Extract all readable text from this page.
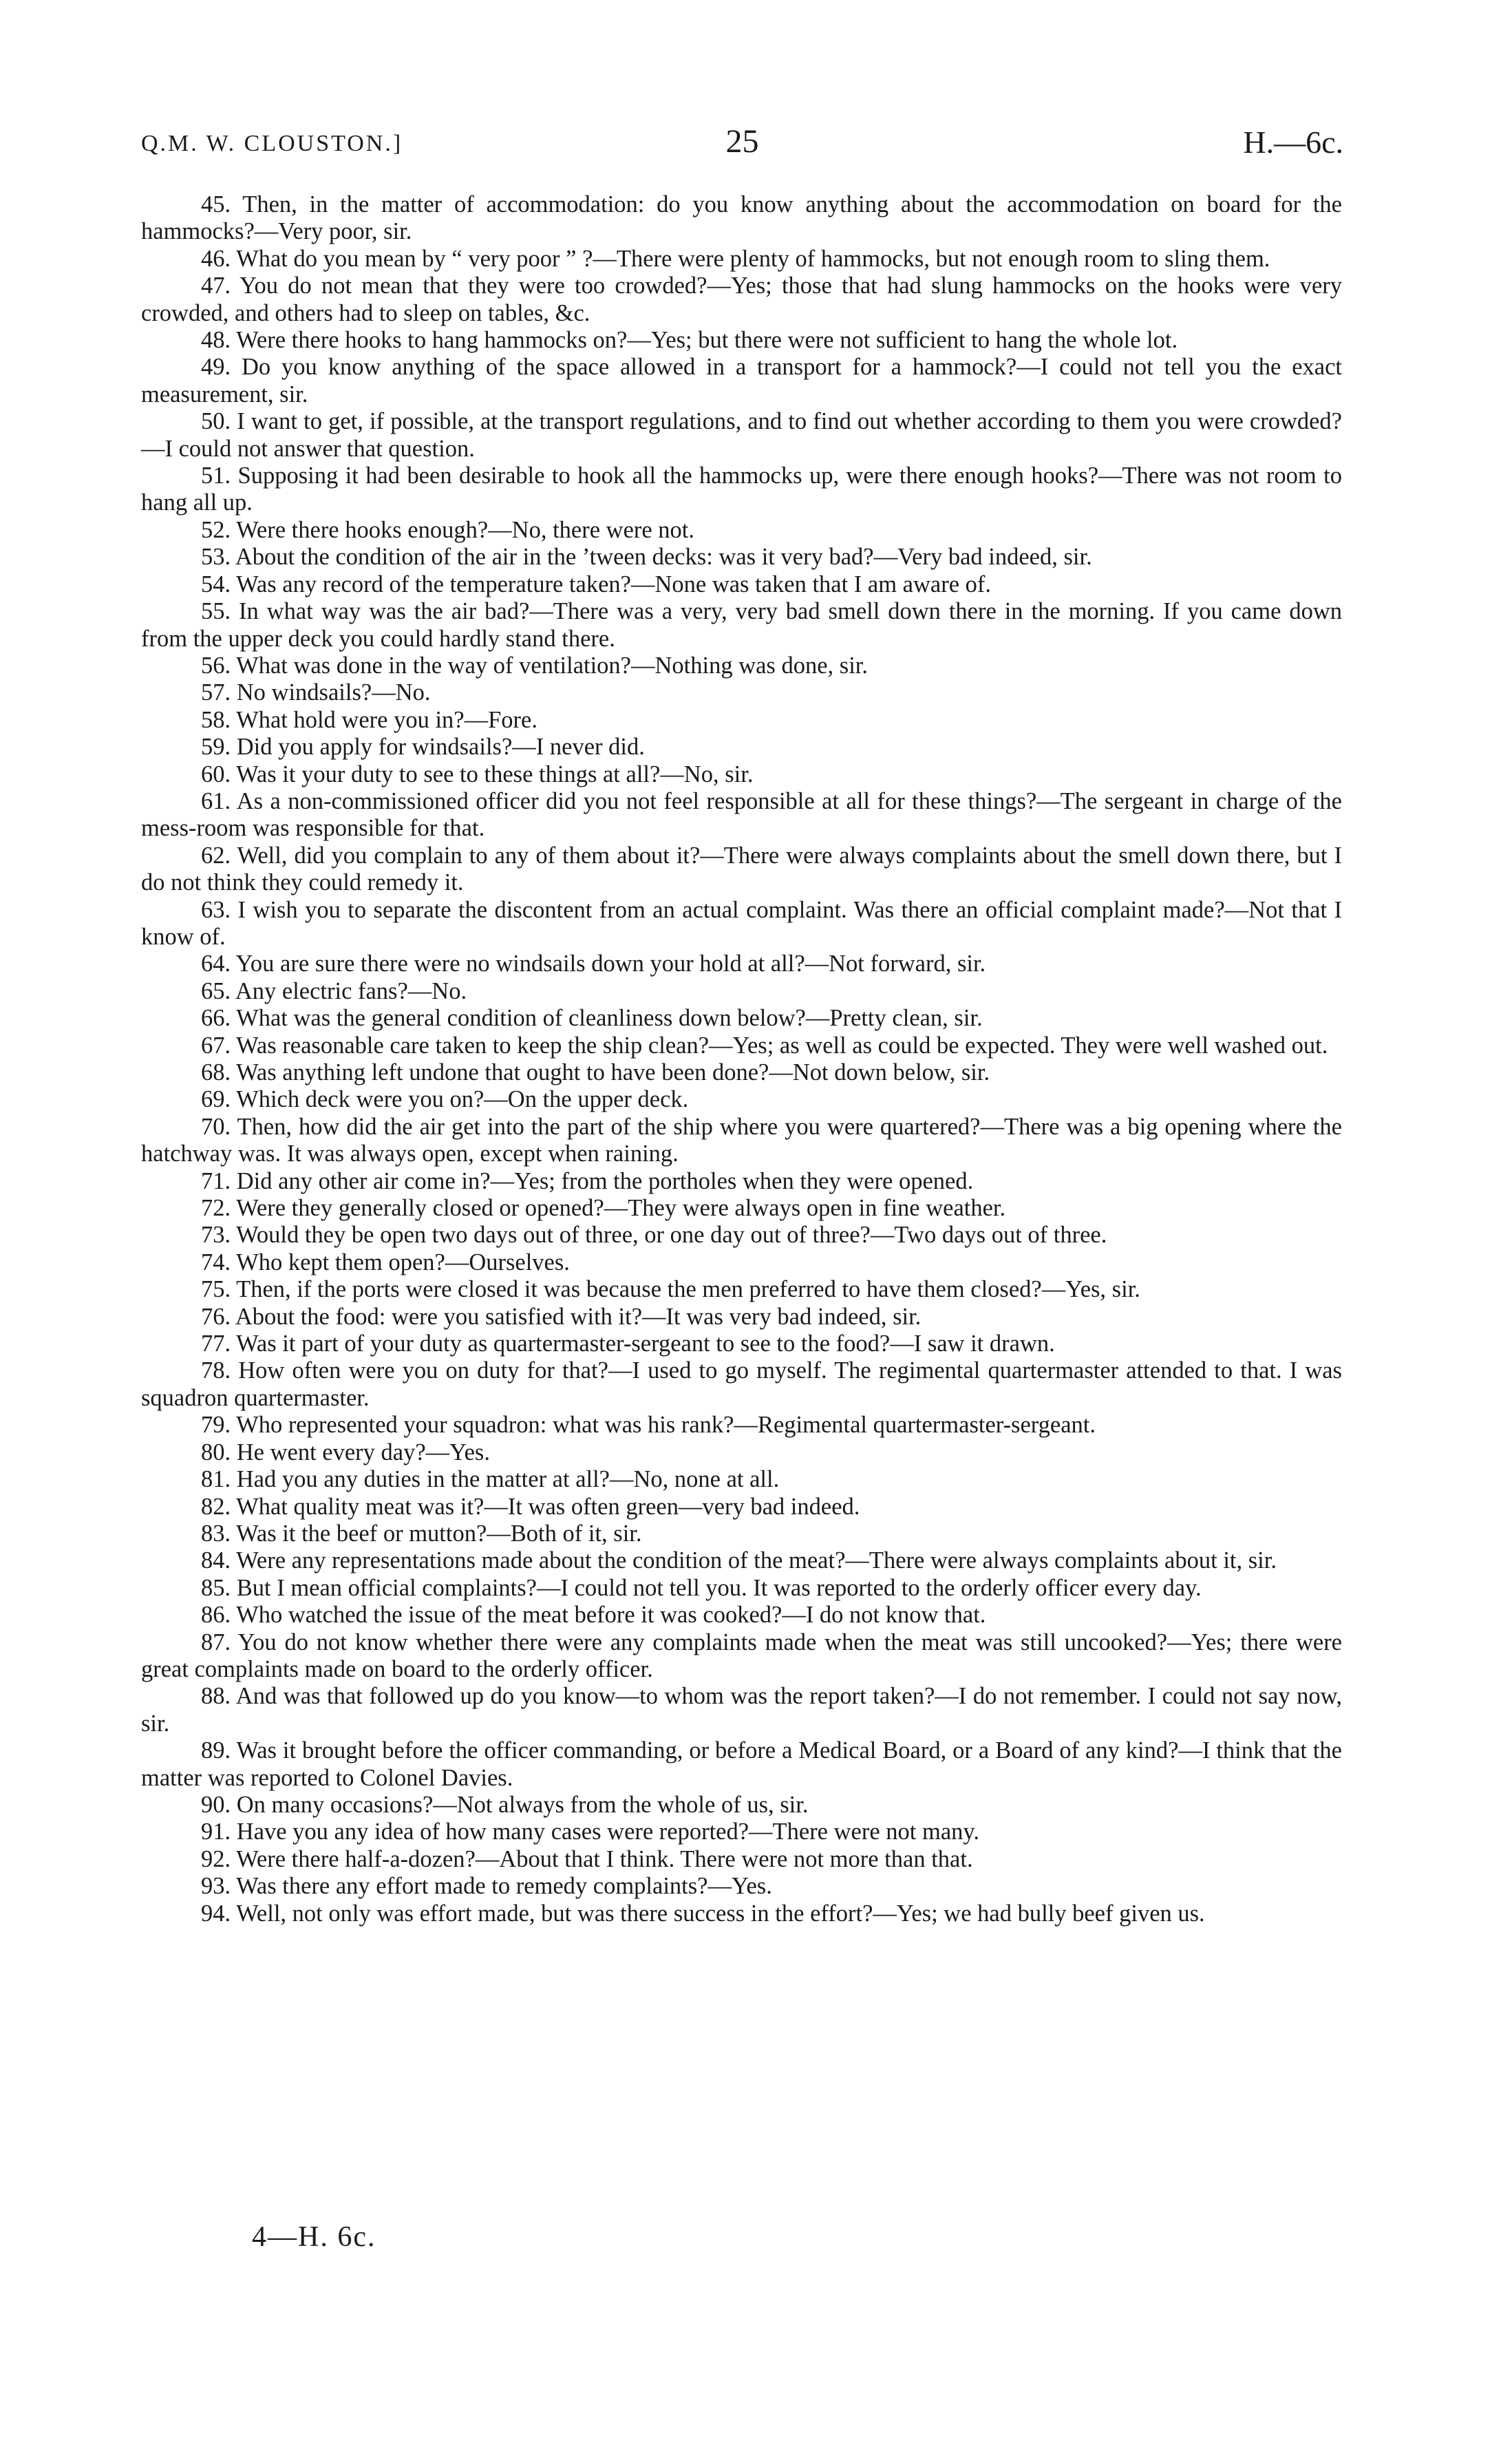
Q.M. W. CLOUSTON.]	25	H.—6c.

45. Then, in the matter of accommodation: do you know anything about the accommodation on board for the hammocks?—Very poor, sir.

46. What do you mean by “ very poor ” ?—There were plenty of hammocks, but not enough room to sling them.

47. You do not mean that they were too crowded?—Yes; those that had slung hammocks on the hooks were very crowded, and others had to sleep on tables, &c.

48. Were there hooks to hang hammocks on?—Yes; but there were not sufficient to hang the whole lot.

49. Do you know anything of the space allowed in a transport for a hammock?—I could not tell you the exact measurement, sir.

50. I want to get, if possible, at the transport regulations, and to find out whether according to them you were crowded?—I could not answer that question.

51. Supposing it had been desirable to hook all the hammocks up, were there enough hooks?—There was not room to hang all up.

52. Were there hooks enough?—No, there were not.

53. About the condition of the air in the ’tween decks: was it very bad?—Very bad indeed, sir.

54. Was any record of the temperature taken?—None was taken that I am aware of.

55. In what way was the air bad?—There was a very, very bad smell down there in the morning. If you came down from the upper deck you could hardly stand there.

56. What was done in the way of ventilation?—Nothing was done, sir.

57. No windsails?—No.

58. What hold were you in?—Fore.

59. Did you apply for windsails?—I never did.

60. Was it your duty to see to these things at all?—No, sir.

61. As a non-commissioned officer did you not feel responsible at all for these things?—The sergeant in charge of the mess-room was responsible for that.

62. Well, did you complain to any of them about it?—There were always complaints about the smell down there, but I do not think they could remedy it.

63. I wish you to separate the discontent from an actual complaint. Was there an official complaint made?—Not that I know of.

64. You are sure there were no windsails down your hold at all?—Not forward, sir.

65. Any electric fans?—No.

66. What was the general condition of cleanliness down below?—Pretty clean, sir.

67. Was reasonable care taken to keep the ship clean?—Yes; as well as could be expected. They were well washed out.

68. Was anything left undone that ought to have been done?—Not down below, sir.

69. Which deck were you on?—On the upper deck.

70. Then, how did the air get into the part of the ship where you were quartered?—There was a big opening where the hatchway was. It was always open, except when raining.

71. Did any other air come in?—Yes; from the portholes when they were opened.

72. Were they generally closed or opened?—They were always open in fine weather.

73. Would they be open two days out of three, or one day out of three?—Two days out of three.

74. Who kept them open?—Ourselves.

75. Then, if the ports were closed it was because the men preferred to have them closed?—Yes, sir.

76. About the food: were you satisfied with it?—It was very bad indeed, sir.

77. Was it part of your duty as quartermaster-sergeant to see to the food?—I saw it drawn.

78. How often were you on duty for that?—I used to go myself. The regimental quartermaster attended to that. I was squadron quartermaster.

79. Who represented your squadron: what was his rank?—Regimental quartermaster-sergeant.

80. He went every day?—Yes.

81. Had you any duties in the matter at all?—No, none at all.

82. What quality meat was it?—It was often green—very bad indeed.

83. Was it the beef or mutton?—Both of it, sir.

84. Were any representations made about the condition of the meat?—There were always complaints about it, sir.

85. But I mean official complaints?—I could not tell you. It was reported to the orderly officer every day.

86. Who watched the issue of the meat before it was cooked?—I do not know that.

87. You do not know whether there were any complaints made when the meat was still uncooked?—Yes; there were great complaints made on board to the orderly officer.

88. And was that followed up do you know—to whom was the report taken?—I do not remember. I could not say now, sir.

89. Was it brought before the officer commanding, or before a Medical Board, or a Board of any kind?—I think that the matter was reported to Colonel Davies.

90. On many occasions?—Not always from the whole of us, sir.

91. Have you any idea of how many cases were reported?—There were not many.

92. Were there half-a-dozen?—About that I think. There were not more than that.

93. Was there any effort made to remedy complaints?—Yes.

94. Well, not only was effort made, but was there success in the effort?—Yes; we had bully beef given us.

4—H. 6c.
